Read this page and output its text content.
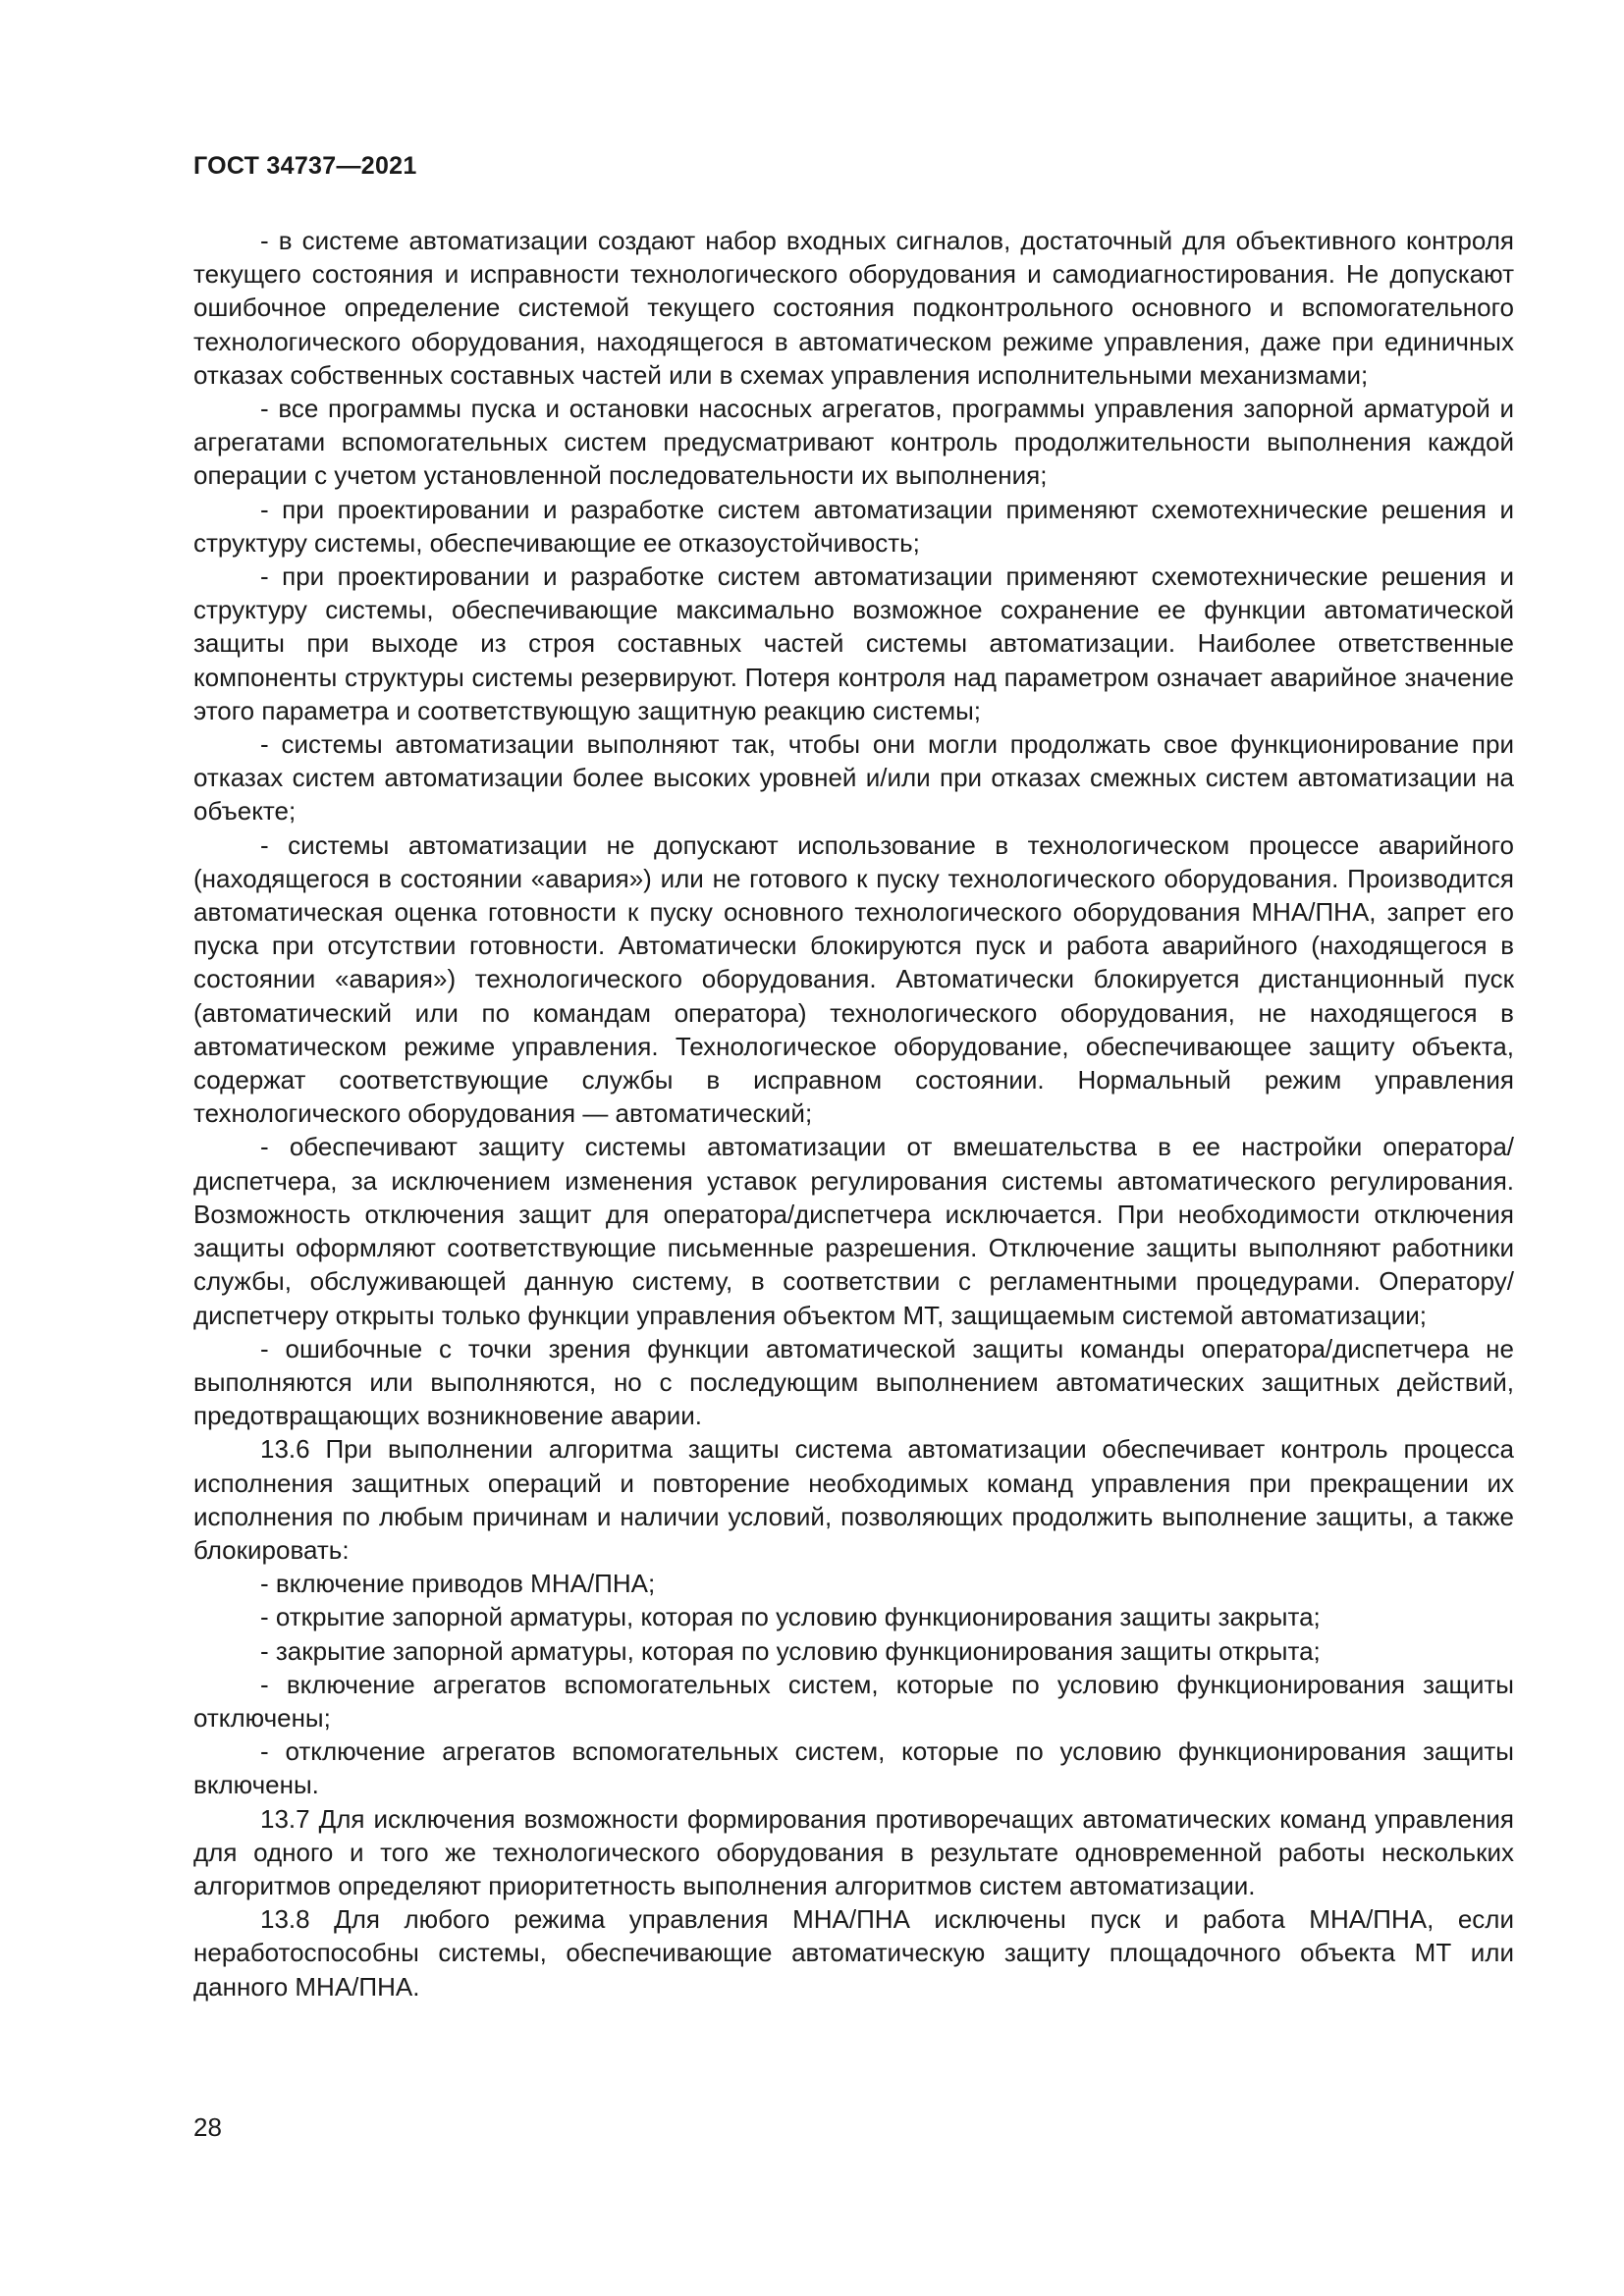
ГОСТ 34737—2021

- в системе автоматизации создают набор входных сигналов, достаточный для объективного контроля текущего состояния и исправности технологического оборудования и самодиагностирования. Не допускают ошибочное определение системой текущего состояния подконтрольного основного и вспомогательного технологического оборудования, находящегося в автоматическом режиме управления, даже при единичных отказах собственных составных частей или в схемах управления исполнительными механизмами;

- все программы пуска и остановки насосных агрегатов, программы управления запорной арматурой и агрегатами вспомогательных систем предусматривают контроль продолжительности выполнения каждой операции с учетом установленной последовательности их выполнения;

- при проектировании и разработке систем автоматизации применяют схемотехнические решения и структуру системы, обеспечивающие ее отказоустойчивость;

- при проектировании и разработке систем автоматизации применяют схемотехнические решения и структуру системы, обеспечивающие максимально возможное сохранение ее функции автоматической защиты при выходе из строя составных частей системы автоматизации. Наиболее ответственные компоненты структуры системы резервируют. Потеря контроля над параметром означает аварийное значение этого параметра и соответствующую защитную реакцию системы;

- системы автоматизации выполняют так, чтобы они могли продолжать свое функционирование при отказах систем автоматизации более высоких уровней и/или при отказах смежных систем автоматизации на объекте;

- системы автоматизации не допускают использование в технологическом процессе аварийного (находящегося в состоянии «авария») или не готового к пуску технологического оборудования. Производится автоматическая оценка готовности к пуску основного технологического оборудования МНА/ПНА, запрет его пуска при отсутствии готовности. Автоматически блокируются пуск и работа аварийного (находящегося в состоянии «авария») технологического оборудования. Автоматически блокируется дистанционный пуск (автоматический или по командам оператора) технологического оборудования, не находящегося в автоматическом режиме управления. Технологическое оборудование, обеспечивающее защиту объекта, содержат соответствующие службы в исправном состоянии. Нормальный режим управления технологического оборудования — автоматический;

- обеспечивают защиту системы автоматизации от вмешательства в ее настройки оператора/диспетчера, за исключением изменения уставок регулирования системы автоматического регулирования. Возможность отключения защит для оператора/диспетчера исключается. При необходимости отключения защиты оформляют соответствующие письменные разрешения. Отключение защиты выполняют работники службы, обслуживающей данную систему, в соответствии с регламентными процедурами. Оператору/диспетчеру открыты только функции управления объектом МТ, защищаемым системой автоматизации;

- ошибочные с точки зрения функции автоматической защиты команды оператора/диспетчера не выполняются или выполняются, но с последующим выполнением автоматических защитных действий, предотвращающих возникновение аварии.

13.6 При выполнении алгоритма защиты система автоматизации обеспечивает контроль процесса исполнения защитных операций и повторение необходимых команд управления при прекращении их исполнения по любым причинам и наличии условий, позволяющих продолжить выполнение защиты, а также блокировать:

- включение приводов МНА/ПНА;

- открытие запорной арматуры, которая по условию функционирования защиты закрыта;

- закрытие запорной арматуры, которая по условию функционирования защиты открыта;

- включение агрегатов вспомогательных систем, которые по условию функционирования защиты отключены;

- отключение агрегатов вспомогательных систем, которые по условию функционирования защиты включены.

13.7 Для исключения возможности формирования противоречащих автоматических команд управления для одного и того же технологического оборудования в результате одновременной работы нескольких алгоритмов определяют приоритетность выполнения алгоритмов систем автоматизации.

13.8 Для любого режима управления МНА/ПНА исключены пуск и работа МНА/ПНА, если неработоспособны системы, обеспечивающие автоматическую защиту площадочного объекта МТ или данного МНА/ПНА.

28
